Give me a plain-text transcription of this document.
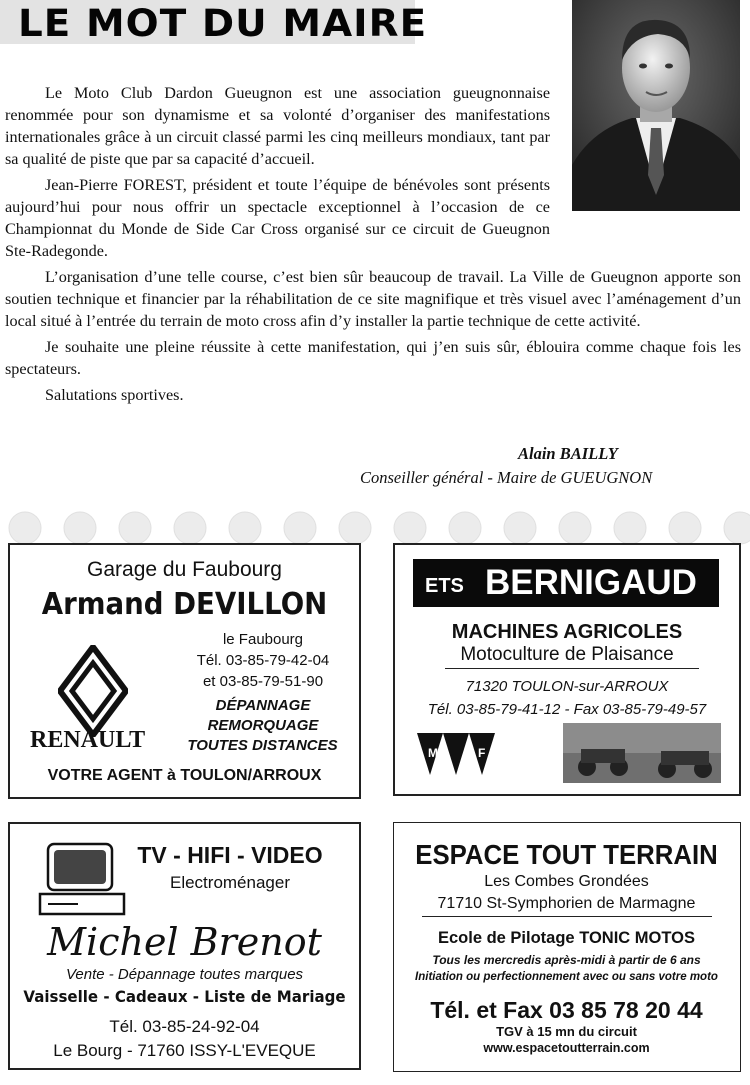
LE MOT DU MAIRE

Le Moto Club Dardon Gueugnon est une association gueugnonnaise renommée pour son dynamisme et sa volonté d’organiser des manifestations internationales grâce à un circuit classé parmi les cinq meilleurs mondiaux, tant par sa qualité de piste que par sa capacité d’accueil.

Jean-Pierre FOREST, président et toute l’équipe de bénévoles sont présents aujourd’hui pour nous offrir un spectacle exceptionnel à l’occasion de ce Championnat du Monde de Side Car Cross organisé sur ce circuit de Gueugnon Ste-Radegonde.

L’organisation d’une telle course, c’est bien sûr beaucoup de travail. La Ville de Gueugnon apporte son soutien technique et financier par la réhabilitation de ce site magnifique et très visuel avec l’aménagement d’un local situé à l’entrée du terrain de moto cross afin d’y installer la partie technique de cette activité.

Je souhaite une pleine réussite à cette manifestation, qui j’en suis sûr, éblouira comme chaque fois les spectateurs.

Salutations sportives.

Alain BAILLY
Conseiller général - Maire de GUEUGNON
Garage du Faubourg
Armand DEVILLON
le Faubourg
Tél. 03-85-79-42-04
et 03-85-79-51-90
DÉPANNAGE
REMORQUAGE
TOUTES DISTANCES
RENAULT
VOTRE AGENT à TOULON/ARROUX
ETS BERNIGAUD
MACHINES AGRICOLES
Motoculture de Plaisance
71320 TOULON-sur-ARROUX
Tél. 03-85-79-41-12 - Fax 03-85-79-49-57
M	F
TV - HIFI - VIDEO
Electroménager
Michel Brenot
Vente - Dépannage toutes marques
Vaisselle - Cadeaux - Liste de Mariage
Tél. 03-85-24-92-04
Le Bourg - 71760 ISSY-L'EVEQUE
ESPACE TOUT TERRAIN
Les Combes Grondées
71710 St-Symphorien de Marmagne
Ecole de Pilotage TONIC MOTOS
Tous les mercredis après-midi à partir de 6 ans
Initiation ou perfectionnement avec ou sans votre moto
Tél. et Fax 03 85 78 20 44
TGV à 15 mn du circuit
www.espacetoutterrain.com
